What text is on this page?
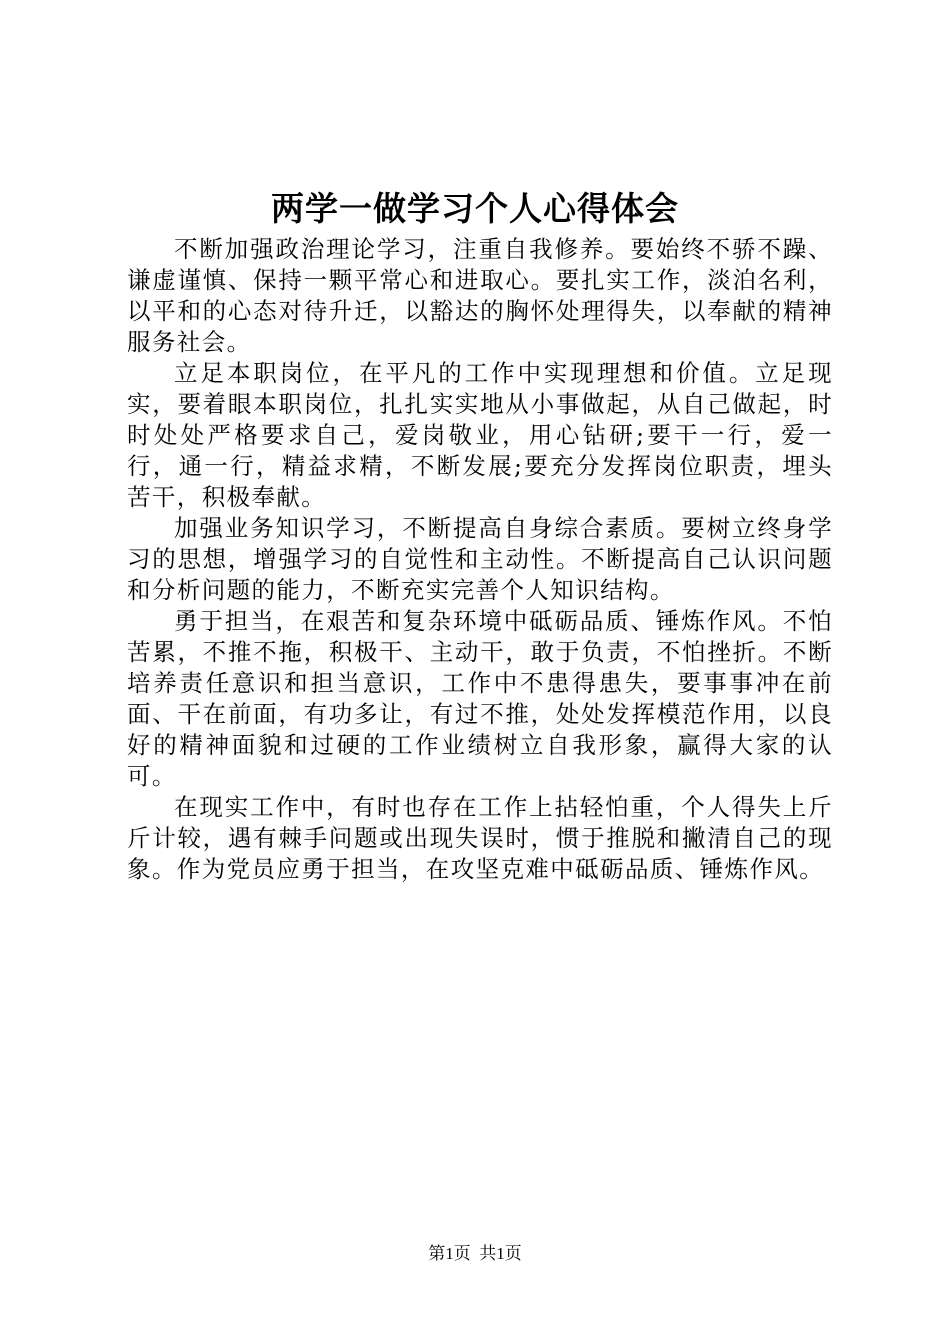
两学一做学习个人心得体会

不断加强政治理论学习，注重自我修养。要始终不骄不躁、谦虚谨慎、保持一颗平常心和进取心。要扎实工作，淡泊名利，以平和的心态对待升迁，以豁达的胸怀处理得失，以奉献的精神服务社会。

立足本职岗位，在平凡的工作中实现理想和价值。立足现实，要着眼本职岗位，扎扎实实地从小事做起，从自己做起，时时处处严格要求自己，爱岗敬业，用心钻研;要干一行，爱一行，通一行，精益求精，不断发展;要充分发挥岗位职责，埋头苦干，积极奉献。

加强业务知识学习，不断提高自身综合素质。要树立终身学习的思想，增强学习的自觉性和主动性。不断提高自己认识问题和分析问题的能力，不断充实完善个人知识结构。

勇于担当，在艰苦和复杂环境中砥砺品质、锤炼作风。不怕苦累，不推不拖，积极干、主动干，敢于负责，不怕挫折。不断培养责任意识和担当意识，工作中不患得患失，要事事冲在前面、干在前面，有功多让，有过不推，处处发挥模范作用，以良好的精神面貌和过硬的工作业绩树立自我形象，赢得大家的认可。

在现实工作中，有时也存在工作上拈轻怕重，个人得失上斤斤计较，遇有棘手问题或出现失误时，惯于推脱和撇清自己的现象。作为党员应勇于担当，在攻坚克难中砥砺品质、锤炼作风。

第1页 共1页
